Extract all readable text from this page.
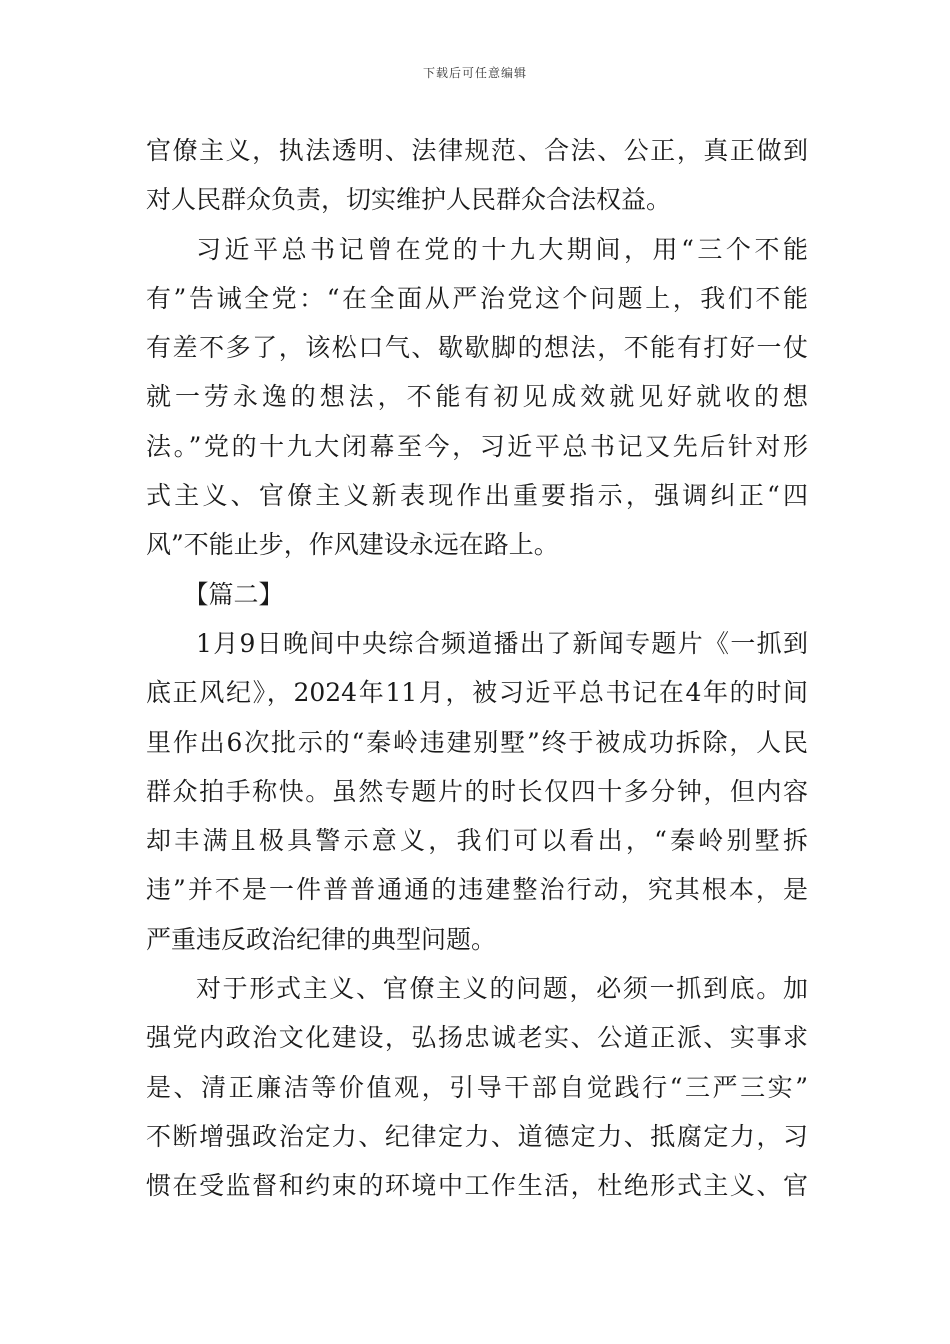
下载后可任意编辑
官僚主义，执法透明、法律规范、合法、公正，真正做到
对人民群众负责，切实维护人民群众合法权益。
习近平总书记曾在党的十九大期间，用“三个不能
有”告诫全党：“在全面从严治党这个问题上，我们不能
有差不多了，该松口气、歇歇脚的想法，不能有打好一仗
就一劳永逸的想法，不能有初见成效就见好就收的想
法。”党的十九大闭幕至今，习近平总书记又先后针对形
式主义、官僚主义新表现作出重要指示，强调纠正“四
风”不能止步，作风建设永远在路上。
【篇二】
1月9日晚间中央综合频道播出了新闻专题片《一抓到
底正风纪》，2024年11月，被习近平总书记在4年的时间
里作出6次批示的“秦岭违建别墅”终于被成功拆除，人民
群众拍手称快。虽然专题片的时长仅四十多分钟，但内容
却丰满且极具警示意义，我们可以看出，“秦岭别墅拆
违”并不是一件普普通通的违建整治行动，究其根本，是
严重违反政治纪律的典型问题。
对于形式主义、官僚主义的问题，必须一抓到底。加
强党内政治文化建设，弘扬忠诚老实、公道正派、实事求
是、清正廉洁等价值观，引导干部自觉践行“三严三实”
不断增强政治定力、纪律定力、道德定力、抵腐定力，习
惯在受监督和约束的环境中工作生活，杜绝形式主义、官
